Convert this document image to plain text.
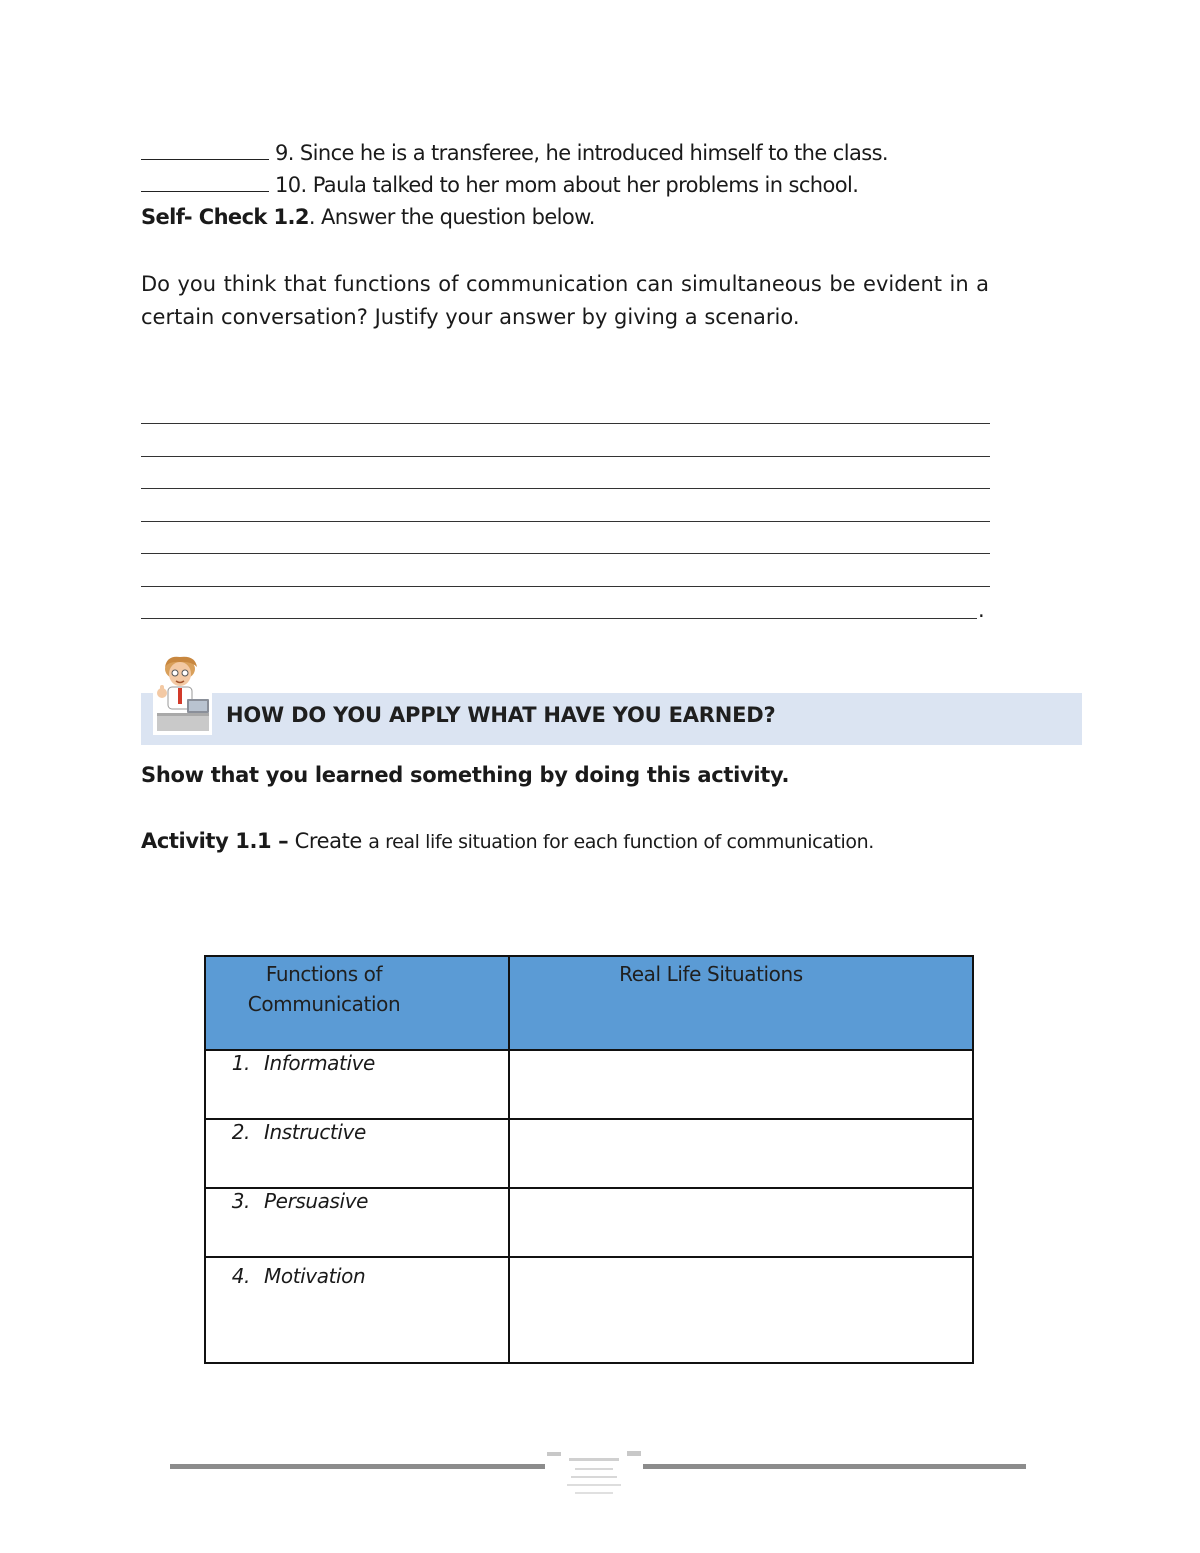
9.
Since he is a transferee, he introduced himself to the class.
10.
Paula talked to her mom about her problems in school.
Self- Check 1.2. Answer the question below.
Do you think that functions of communication can simultaneous be evident in a certain conversation? Justify your answer by giving a scenario.
.
HOW DO YOU APPLY WHAT HAVE YOU EARNED?
Show that you learned something by doing this activity.
Activity 1.1 – Create a real life situation for each function of communication.
Functions of Communication	Real Life Situations

1. Informative	
2. Instructive	
3. Persuasive	
4. Motivation	
